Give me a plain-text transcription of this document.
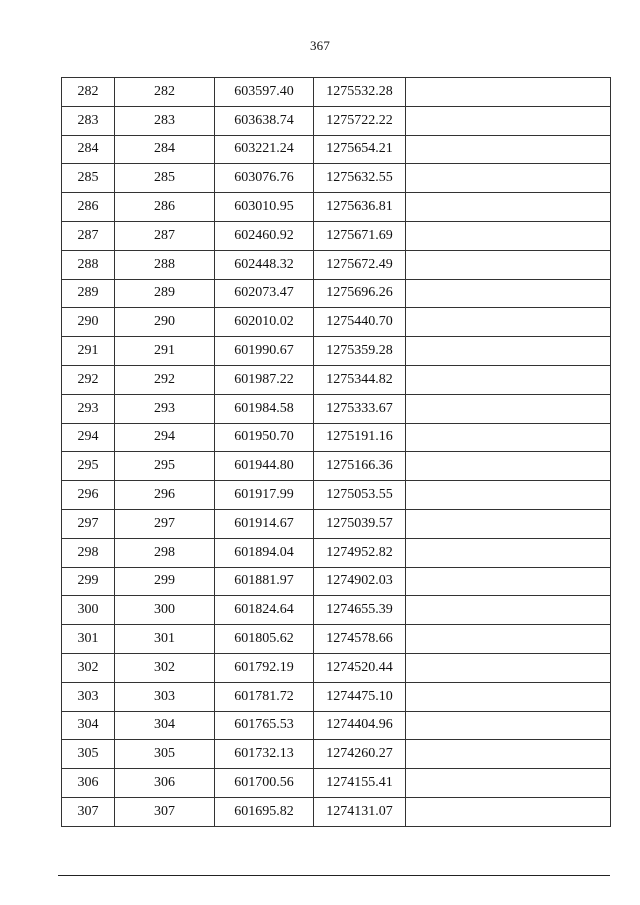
367
282	282	603597.40	1275532.28	
283	283	603638.74	1275722.22	
284	284	603221.24	1275654.21	
285	285	603076.76	1275632.55	
286	286	603010.95	1275636.81	
287	287	602460.92	1275671.69	
288	288	602448.32	1275672.49	
289	289	602073.47	1275696.26	
290	290	602010.02	1275440.70	
291	291	601990.67	1275359.28	
292	292	601987.22	1275344.82	
293	293	601984.58	1275333.67	
294	294	601950.70	1275191.16	
295	295	601944.80	1275166.36	
296	296	601917.99	1275053.55	
297	297	601914.67	1275039.57	
298	298	601894.04	1274952.82	
299	299	601881.97	1274902.03	
300	300	601824.64	1274655.39	
301	301	601805.62	1274578.66	
302	302	601792.19	1274520.44	
303	303	601781.72	1274475.10	
304	304	601765.53	1274404.96	
305	305	601732.13	1274260.27	
306	306	601700.56	1274155.41	
307	307	601695.82	1274131.07	
